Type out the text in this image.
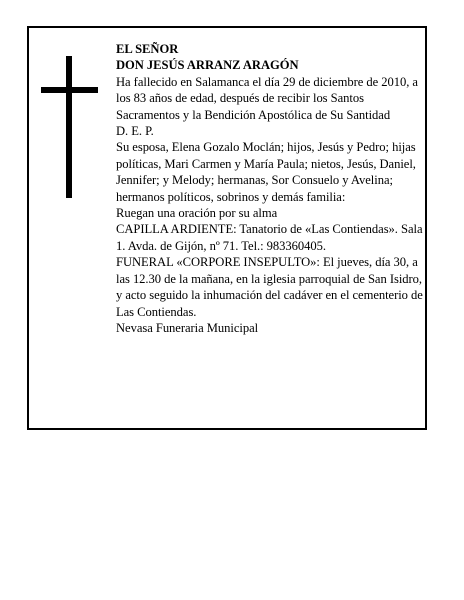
EL SEÑOR

DON JESÚS ARRANZ ARAGÓN

Ha fallecido en Salamanca el día 29 de diciembre de 2010, a los 83 años de edad, después de recibir los Santos Sacramentos y la Bendición Apostólica de Su Santidad

D. E. P.

Su esposa, Elena Gozalo Moclán; hijos, Jesús y Pedro; hijas políticas, Mari Carmen y María Paula; nietos, Jesús, Daniel, Jennifer; y Melody; hermanas, Sor Consuelo y Avelina; hermanos políticos, sobrinos y demás familia:

Ruegan una oración por su alma

CAPILLA ARDIENTE: Tanatorio de «Las Contiendas». Sala 1. Avda. de Gijón, nº 71. Tel.: 983360405.

FUNERAL «CORPORE INSEPULTO»: El jueves, día 30, a las 12.30 de la mañana, en la iglesia parroquial de San Isidro, y acto seguido la inhumación del cadáver en el cementerio de Las Contiendas.

Nevasa Funeraria Municipal
